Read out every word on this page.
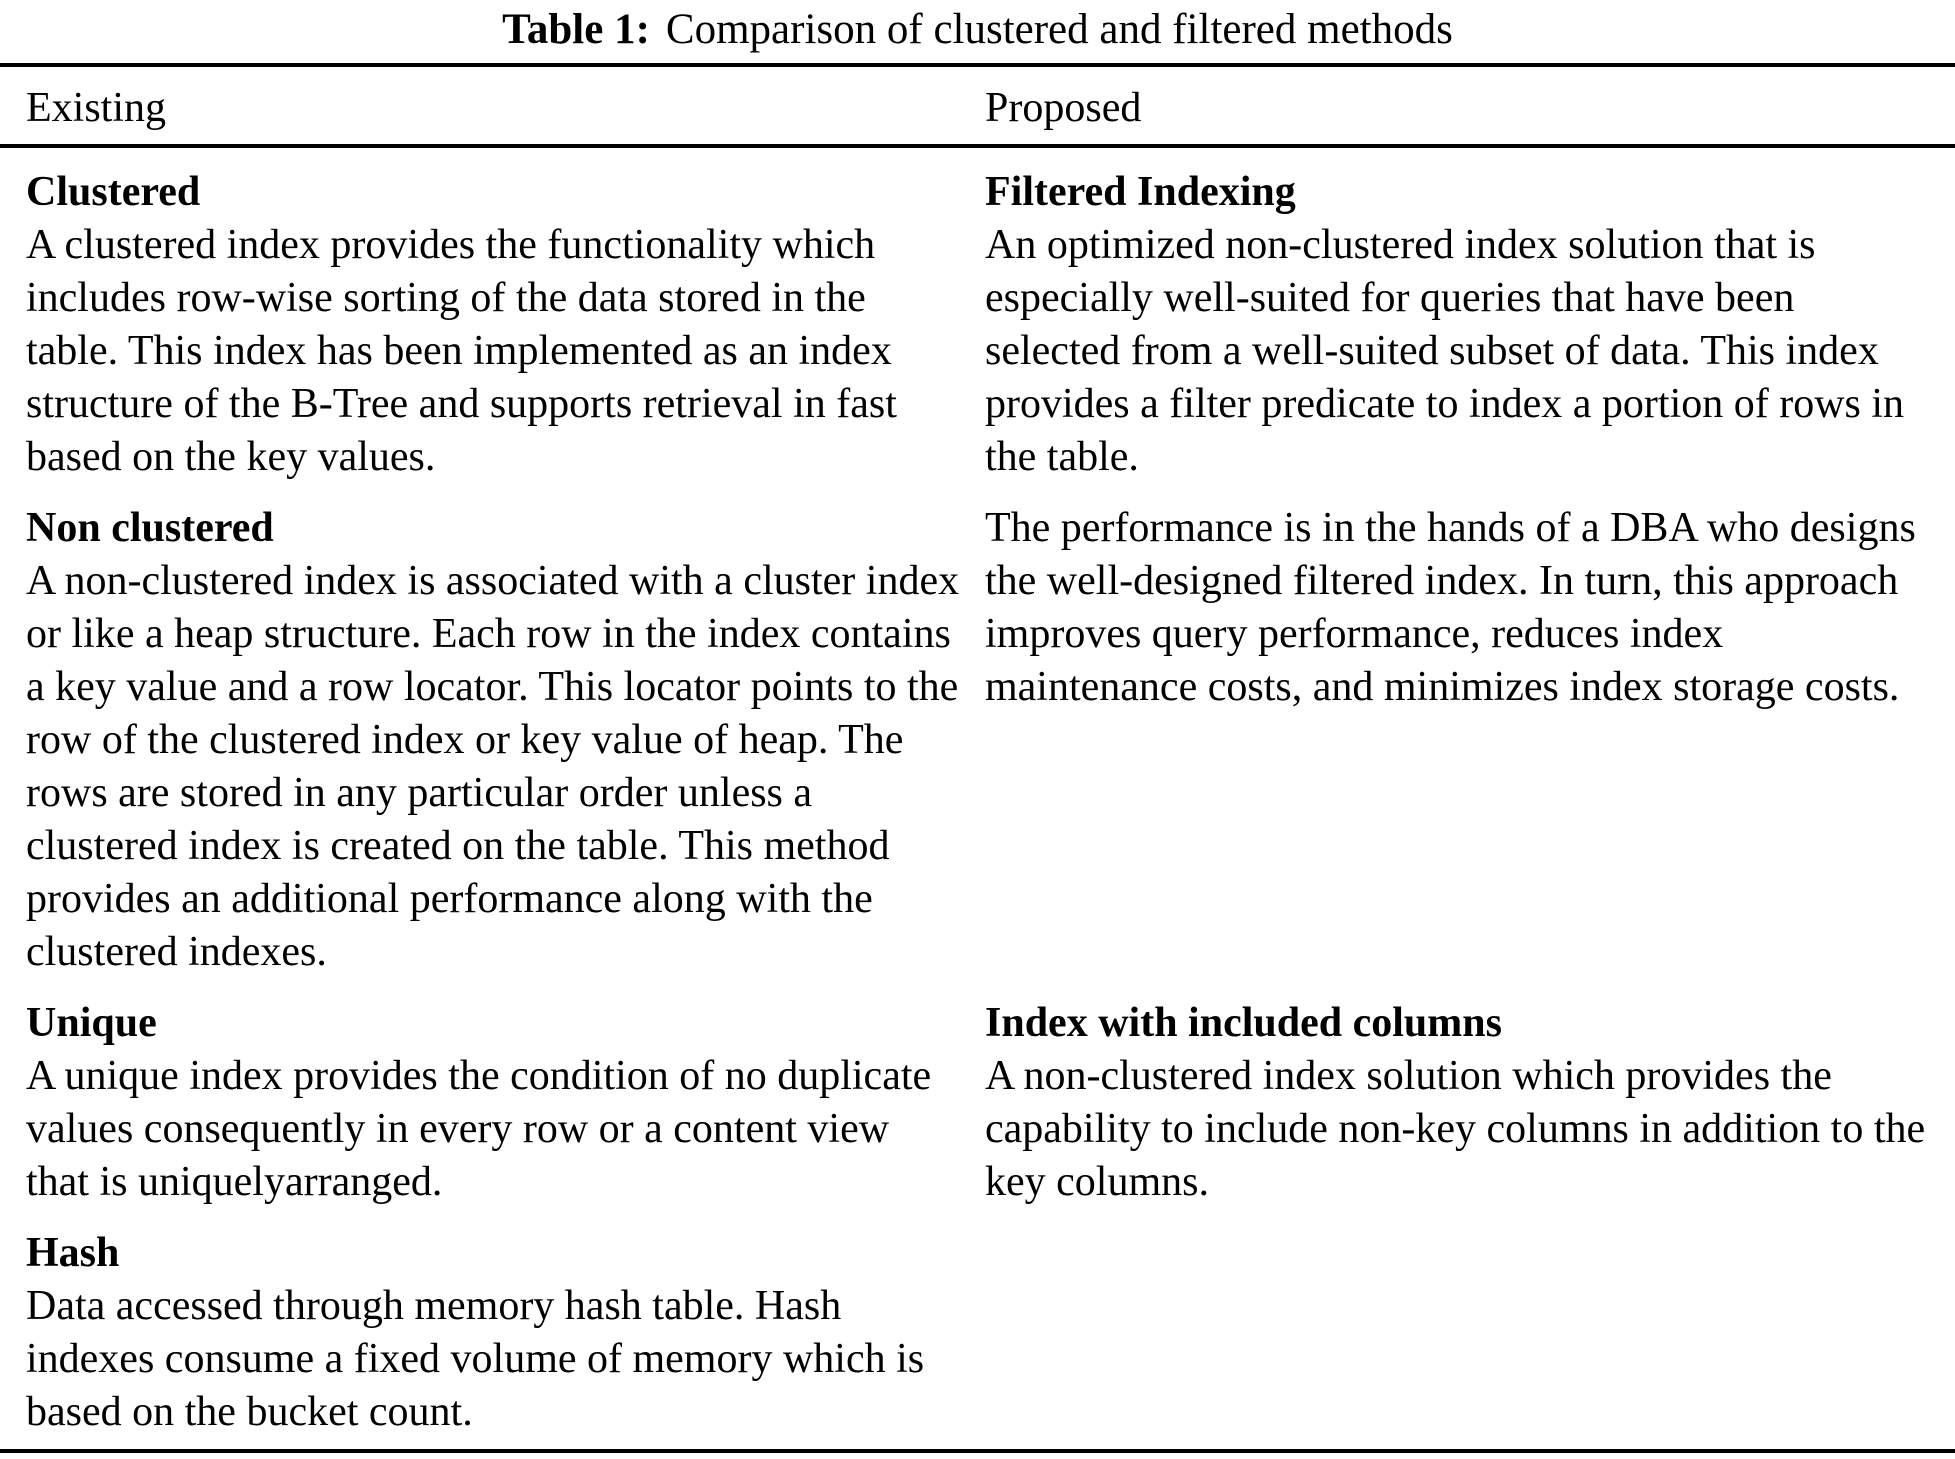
Table 1: Comparison of clustered and filtered methods
Existing	Proposed
Clustered
A clustered index provides the functionality which includes row-wise sorting of the data stored in the table. This index has been implemented as an index structure of the B-Tree and supports retrieval in fast based on the key values.
Filtered Indexing
An optimized non-clustered index solution that is especially well-suited for queries that have been selected from a well-suited subset of data. This index provides a filter predicate to index a portion of rows in the table.
Non clustered
A non-clustered index is associated with a cluster index or like a heap structure. Each row in the index contains a key value and a row locator. This locator points to the row of the clustered index or key value of heap. The rows are stored in any particular order unless a clustered index is created on the table. This method provides an additional performance along with the clustered indexes.
The performance is in the hands of a DBA who designs the well-designed filtered index. In turn, this approach improves query performance, reduces index maintenance costs, and minimizes index storage costs.
Unique
A unique index provides the condition of no duplicate values consequently in every row or a content view that is uniquelyarranged.
Index with included columns
A non-clustered index solution which provides the capability to include non-key columns in addition to the key columns.
Hash
Data accessed through memory hash table. Hash indexes consume a fixed volume of memory which is based on the bucket count.
